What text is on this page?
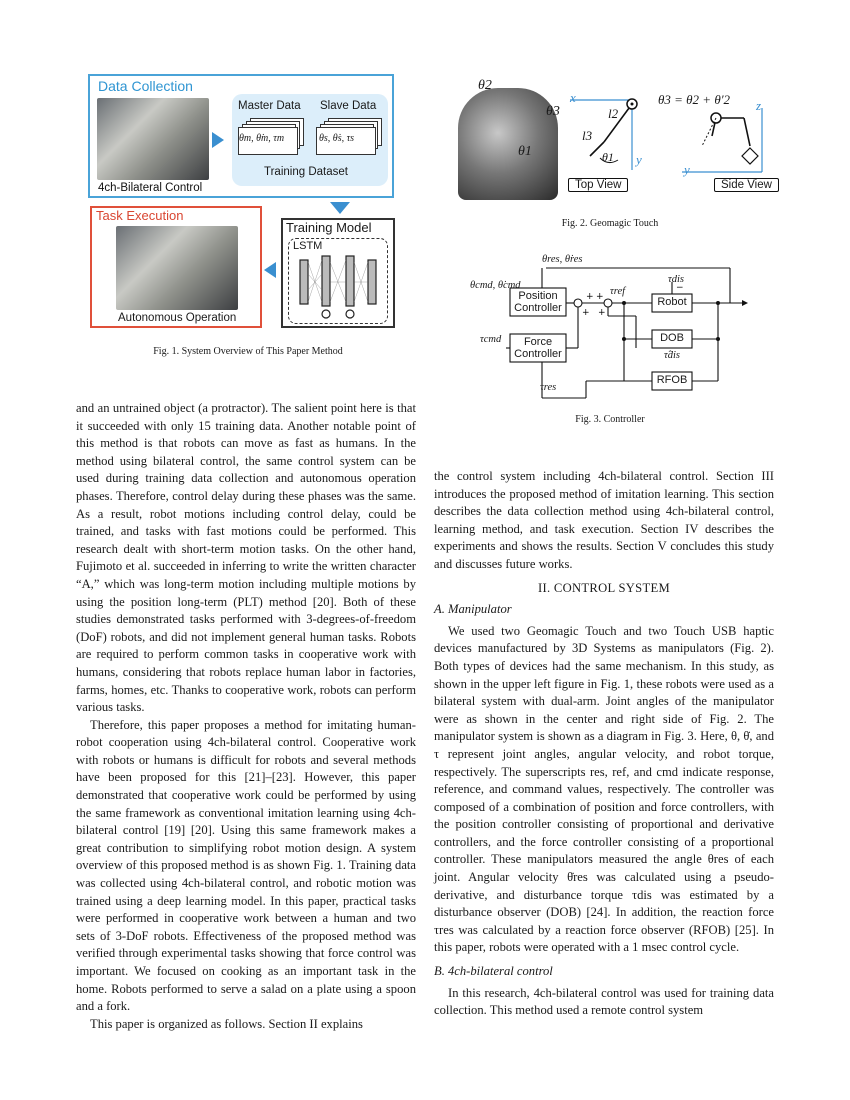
Data Collection
4ch-Bilateral Control
Master Data Slave Data
θm, θ̇m, τm	θs, θ̇s, τs
Training Dataset
Task Execution
Autonomous Operation
Training Model
LSTM
Fig. 1. System Overview of This Paper Method
θ2
θ3
θ1
x
y
l2
l3
θ1
Top View
θ3 = θ2 + θ′2 z
y
Side View
Fig. 2. Geomagic Touch
+
+
+
+
−
θres, θ̇res
θcmd, θ̇cmd
τcmd
τres
τref
τdis
τ̂dis
Position
Controller
Force
Controller
Robot
DOB
RFOB
Fig. 3. Controller

and an untrained object (a protractor). The salient point here is that it succeeded with only 15 training data. Another notable point of this method is that robots can move as fast as humans. In the method using bilateral control, the same control system can be used during training data collection and autonomous operation phases. Therefore, control delay during these phases was the same. As a result, robot motions including control delay, could be trained, and tasks with fast motions could be performed. This research dealt with short-term motion tasks. On the other hand, Fujimoto et al. succeeded in inferring to write the written character “A,” which was long-term motion including multiple motions by using the position long-term (PLT) method [20]. Both of these studies demonstrated tasks performed with 3-degrees-of-freedom (DoF) robots, and did not implement general human tasks. Robots are required to perform common tasks in cooperative work with humans, considering that robots replace human labor in factories, farms, homes, etc. Thanks to cooperative work, robots can perform various tasks.

Therefore, this paper proposes a method for imitating human-robot cooperation using 4ch-bilateral control. Cooperative work with robots or humans is difficult for robots and several methods have been proposed for this [21]–[23]. However, this paper demonstrated that cooperative work could be performed by using the same framework as conventional imitation learning using 4ch-bilateral control [19] [20]. Using this same framework makes a great contribution to simplifying robot motion design. A system overview of this proposed method is as shown Fig. 1. Training data was collected using 4ch-bilateral control, and robotic motion was trained using a deep learning model. In this paper, practical tasks were performed in cooperative work between a human and two sets of 3-DoF robots. Effectiveness of the proposed method was verified through experimental tasks showing that force control was important. We focused on cooking as an important task in the home. Robots performed to serve a salad on a plate using a spoon and a fork.

This paper is organized as follows. Section II explains

the control system including 4ch-bilateral control. Section III introduces the proposed method of imitation learning. This section describes the data collection method using 4ch-bilateral control, learning method, and task execution. Section IV describes the experiments and shows the results. Section V concludes this study and discusses future works.

II. CONTROL SYSTEM
A. Manipulator

We used two Geomagic Touch and two Touch USB haptic devices manufactured by 3D Systems as manipulators (Fig. 2). Both types of devices had the same mechanism. In this study, as shown in the upper left figure in Fig. 1, these robots were used as a bilateral system with dual-arm. Joint angles of the manipulator were as shown in the center and right side of Fig. 2. The manipulator system is shown as a diagram in Fig. 3. Here, θ, θ̇, and τ represent joint angles, angular velocity, and robot torque, respectively. The superscripts res, ref, and cmd indicate response, reference, and command values, respectively. The controller was composed of a combination of position and force controllers, with the position controller consisting of proportional and derivative controllers, and the force controller consisting of a proportional controller. These manipulators measured the angle θres of each joint. Angular velocity θ̇res was calculated using a pseudo-derivative, and disturbance torque τdis was estimated by a disturbance observer (DOB) [24]. In addition, the reaction force τres was calculated by a reaction force observer (RFOB) [25]. In this paper, robots were operated with a 1 msec control cycle.

B. 4ch-bilateral control

In this research, 4ch-bilateral control was used for training data collection. This method used a remote control system
